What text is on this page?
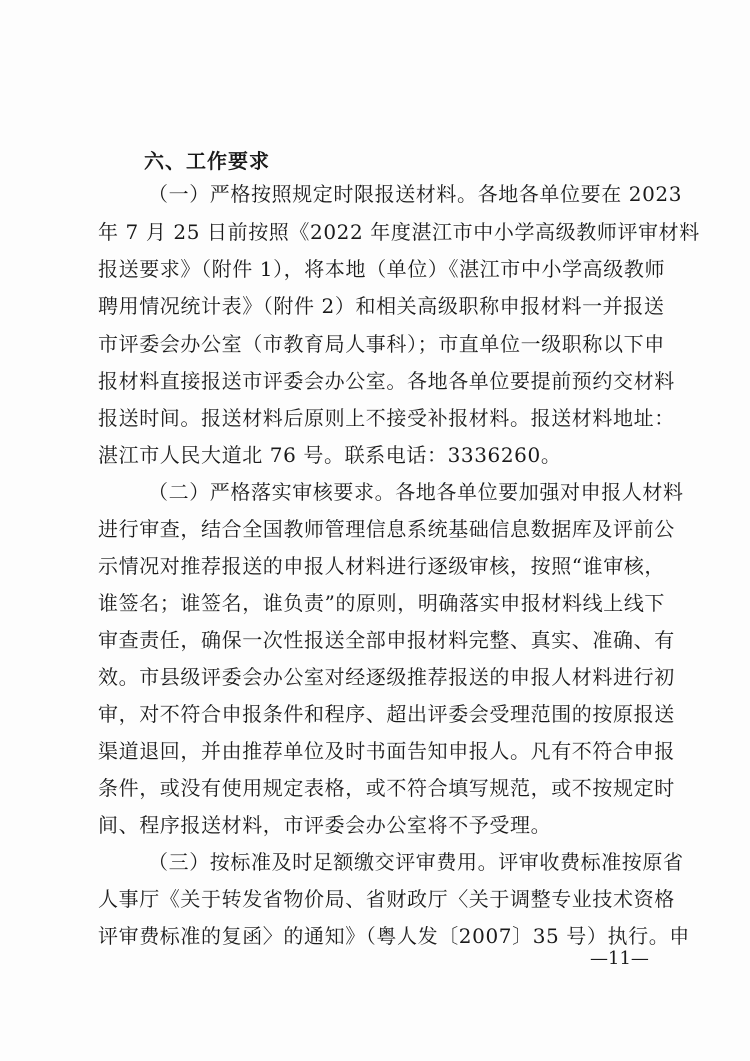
六、工作要求
（一）严格按照规定时限报送材料。各地各单位要在 2023
年 7 月 25 日前按照《2022 年度湛江市中小学高级教师评审材料
报送要求》（附件 1），将本地（单位）《湛江市中小学高级教师
聘用情况统计表》（附件 2）和相关高级职称申报材料一并报送
市评委会办公室（市教育局人事科）；市直单位一级职称以下申
报材料直接报送市评委会办公室。各地各单位要提前预约交材料
报送时间。报送材料后原则上不接受补报材料。报送材料地址：
湛江市人民大道北 76 号。联系电话：3336260。
（二）严格落实审核要求。各地各单位要加强对申报人材料
进行审查，结合全国教师管理信息系统基础信息数据库及评前公
示情况对推荐报送的申报人材料进行逐级审核，按照“谁审核，
谁签名；谁签名，谁负责”的原则，明确落实申报材料线上线下
审查责任，确保一次性报送全部申报材料完整、真实、准确、有
效。市县级评委会办公室对经逐级推荐报送的申报人材料进行初
审，对不符合申报条件和程序、超出评委会受理范围的按原报送
渠道退回，并由推荐单位及时书面告知申报人。凡有不符合申报
条件，或没有使用规定表格，或不符合填写规范，或不按规定时
间、程序报送材料，市评委会办公室将不予受理。
（三）按标准及时足额缴交评审费用。评审收费标准按原省
人事厅《关于转发省物价局、省财政厅〈关于调整专业技术资格
评审费标准的复函〉的通知》（粤人发〔2007〕35 号）执行。申
—11—
